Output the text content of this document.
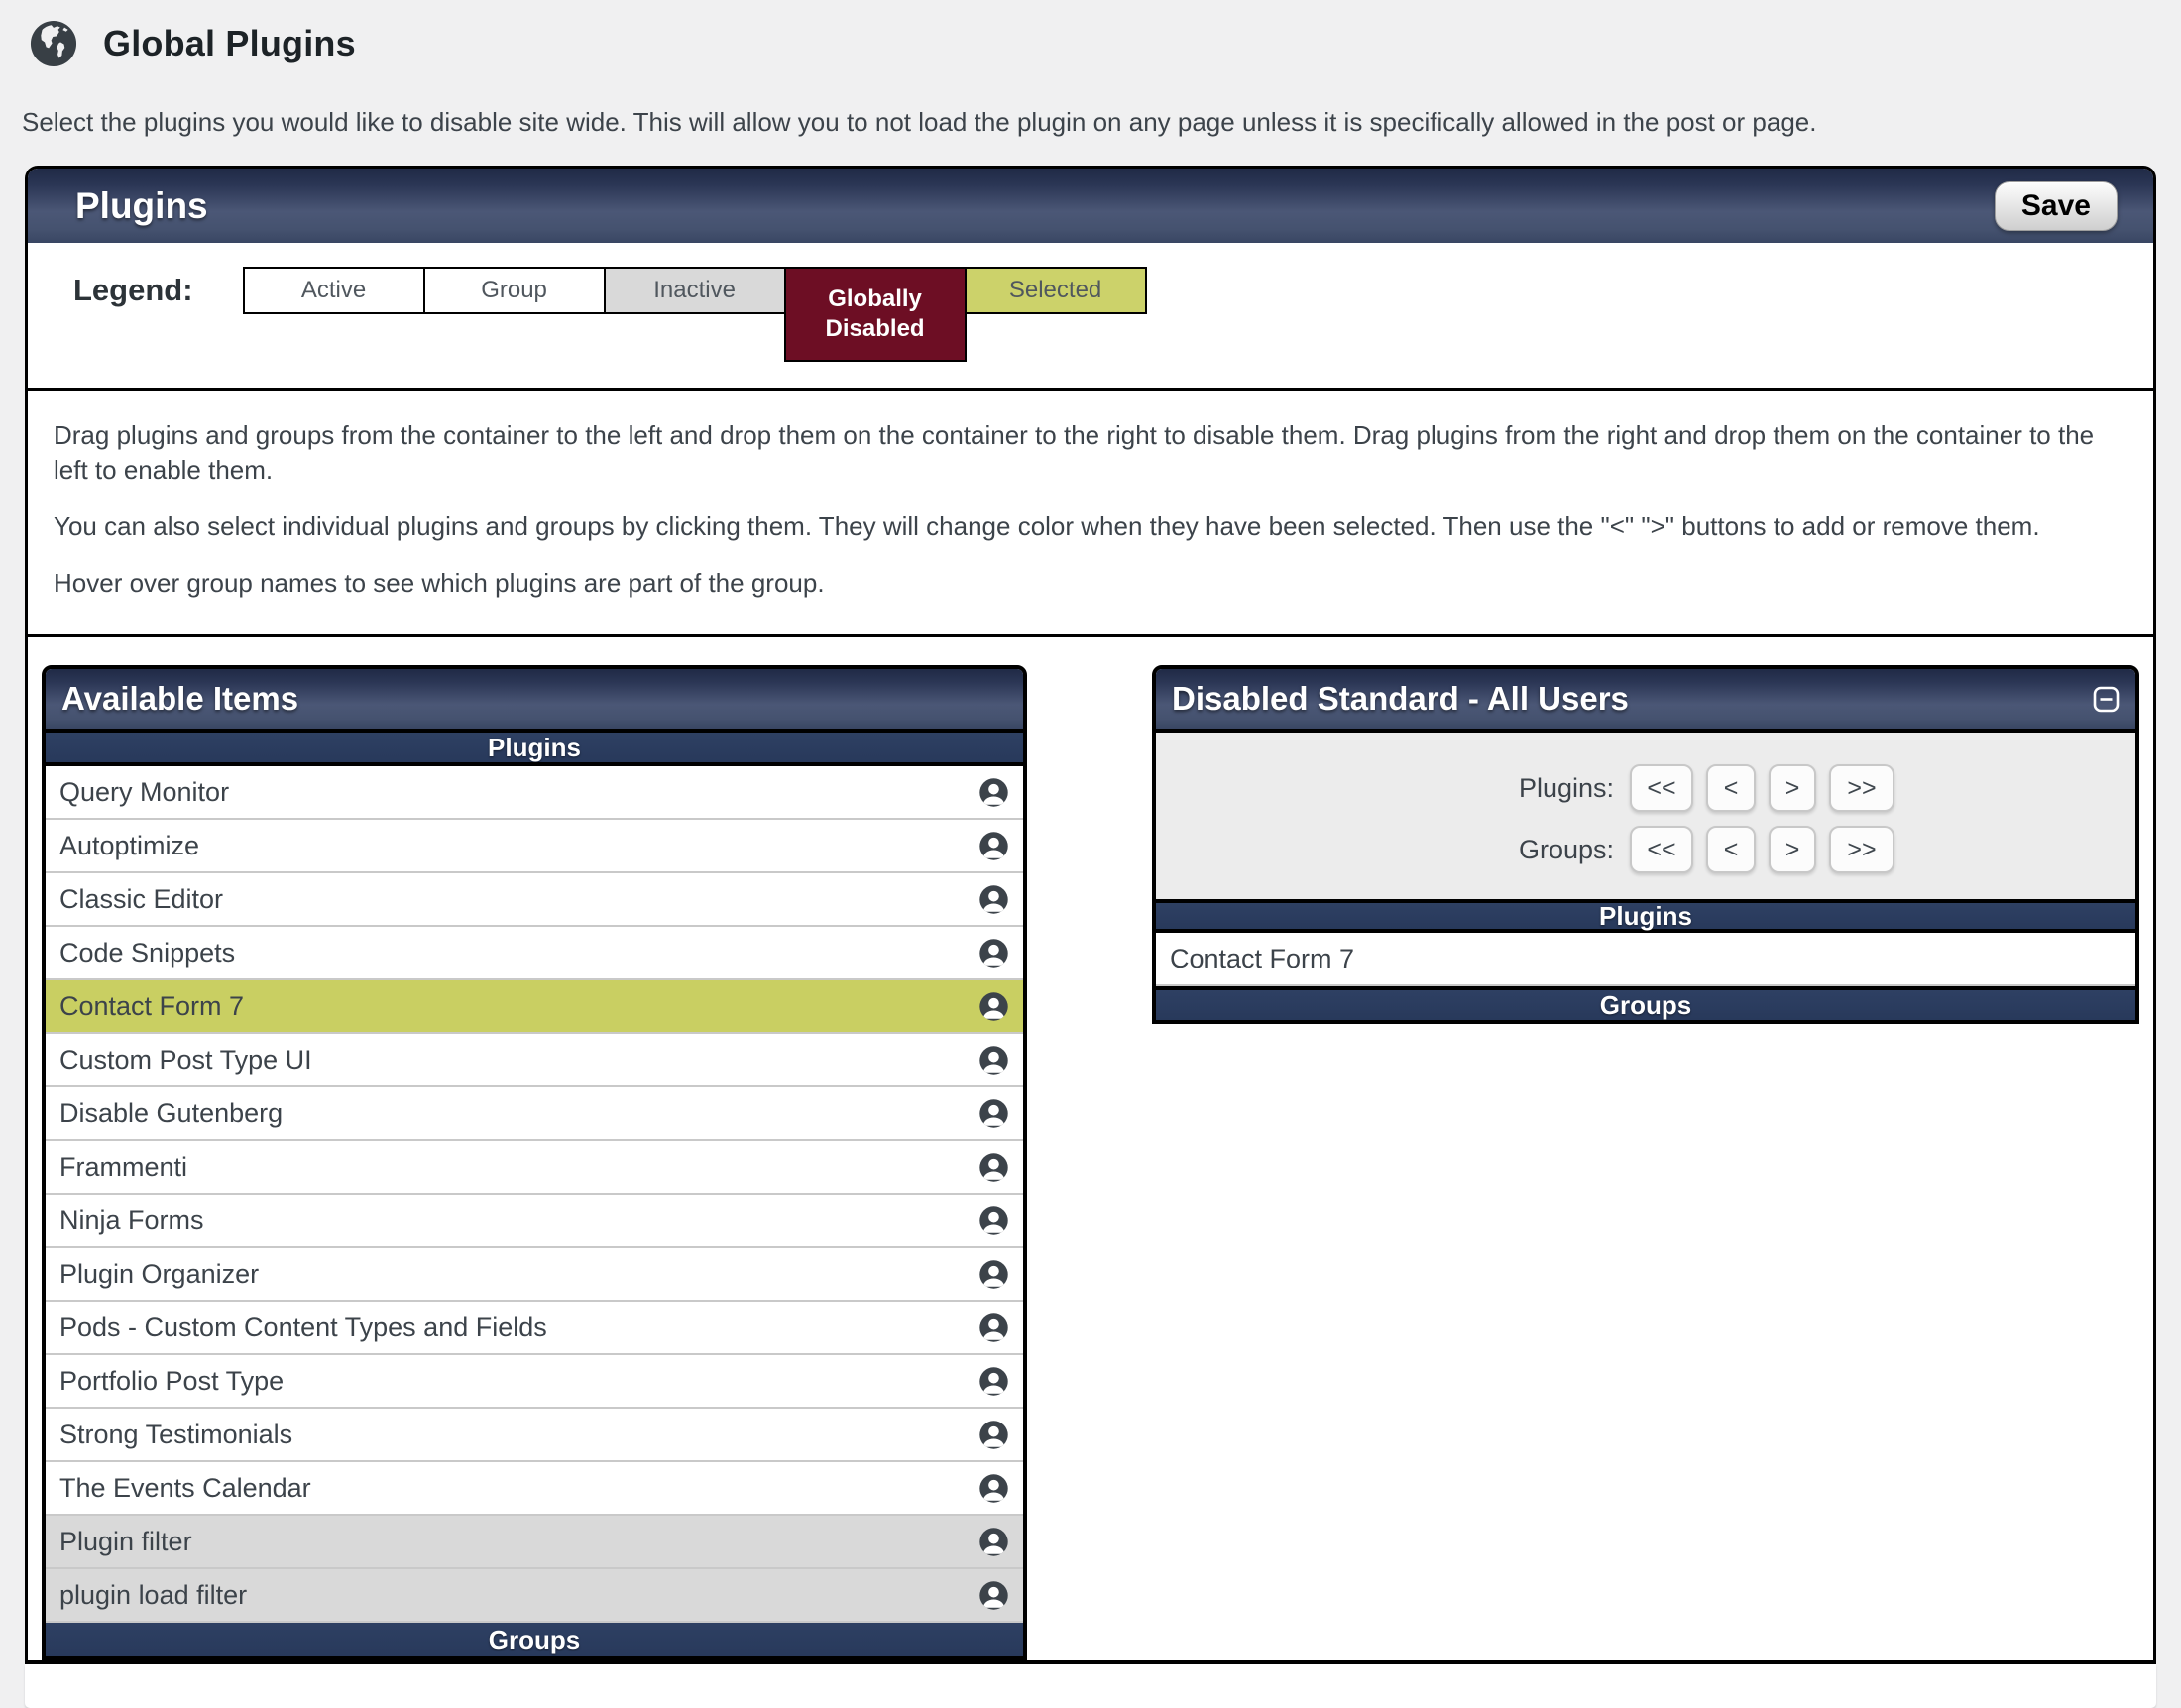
Global Plugins

Select the plugins you would like to disable site wide. This will allow you to not load the plugin on any page unless it is specifically allowed in the post or page.

Plugins	Save
Legend:	Active	Group	Inactive	Globally Disabled
Selected

Drag plugins and groups from the container to the left and drop them on the container to the right to disable them. Drag plugins from the right and drop them on the container to the left to enable them.

You can also select individual plugins and groups by clicking them. They will change color when they have been selected. Then use the "<" ">" buttons to add or remove them.

Hover over group names to see which plugins are part of the group.

Available Items
Plugins
Query Monitor
Autoptimize
Classic Editor
Code Snippets
Contact Form 7
Custom Post Type UI
Disable Gutenberg
Frammenti
Ninja Forms
Plugin Organizer
Pods - Custom Content Types and Fields
Portfolio Post Type
Strong Testimonials
The Events Calendar
Plugin filter
plugin load filter
Groups
Disabled Standard - All Users
Plugins:	<<	<	>	>>
Groups:	<<	<	>	>>
Plugins
Contact Form 7
Groups
